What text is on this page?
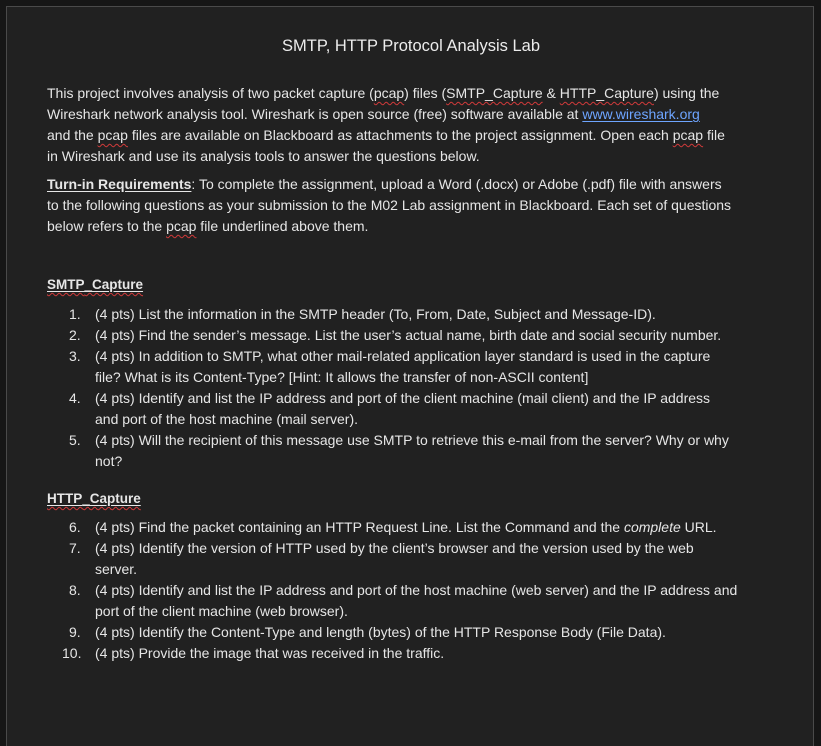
SMTP, HTTP Protocol Analysis Lab
This project involves analysis of two packet capture (pcap) files (SMTP_Capture & HTTP_Capture) using the
Wireshark network analysis tool. Wireshark is open source (free) software available at www.wireshark.org
and the pcap files are available on Blackboard as attachments to the project assignment. Open each pcap file
in Wireshark and use its analysis tools to answer the questions below.
Turn-in Requirements: To complete the assignment, upload a Word (.docx) or Adobe (.pdf) file with answers
to the following questions as your submission to the M02 Lab assignment in Blackboard. Each set of questions
below refers to the pcap file underlined above them.
SMTP_Capture
1.	(4 pts) List the information in the SMTP header (To, From, Date, Subject and Message-ID).
2.	(4 pts) Find the sender’s message. List the user’s actual name, birth date and social security number.
3.	(4 pts) In addition to SMTP, what other mail-related application layer standard is used in the capture
file? What is its Content-Type? [Hint: It allows the transfer of non-ASCII content]
4.	(4 pts) Identify and list the IP address and port of the client machine (mail client) and the IP address
and port of the host machine (mail server).
5.	(4 pts) Will the recipient of this message use SMTP to retrieve this e-mail from the server? Why or why
not?
HTTP_Capture
6.	(4 pts) Find the packet containing an HTTP Request Line. List the Command and the complete URL.
7.	(4 pts) Identify the version of HTTP used by the client’s browser and the version used by the web
server.
8.	(4 pts) Identify and list the IP address and port of the host machine (web server) and the IP address and
port of the client machine (web browser).
9.	(4 pts) Identify the Content-Type and length (bytes) of the HTTP Response Body (File Data).
10. (4 pts) Provide the image that was received in the traffic.
